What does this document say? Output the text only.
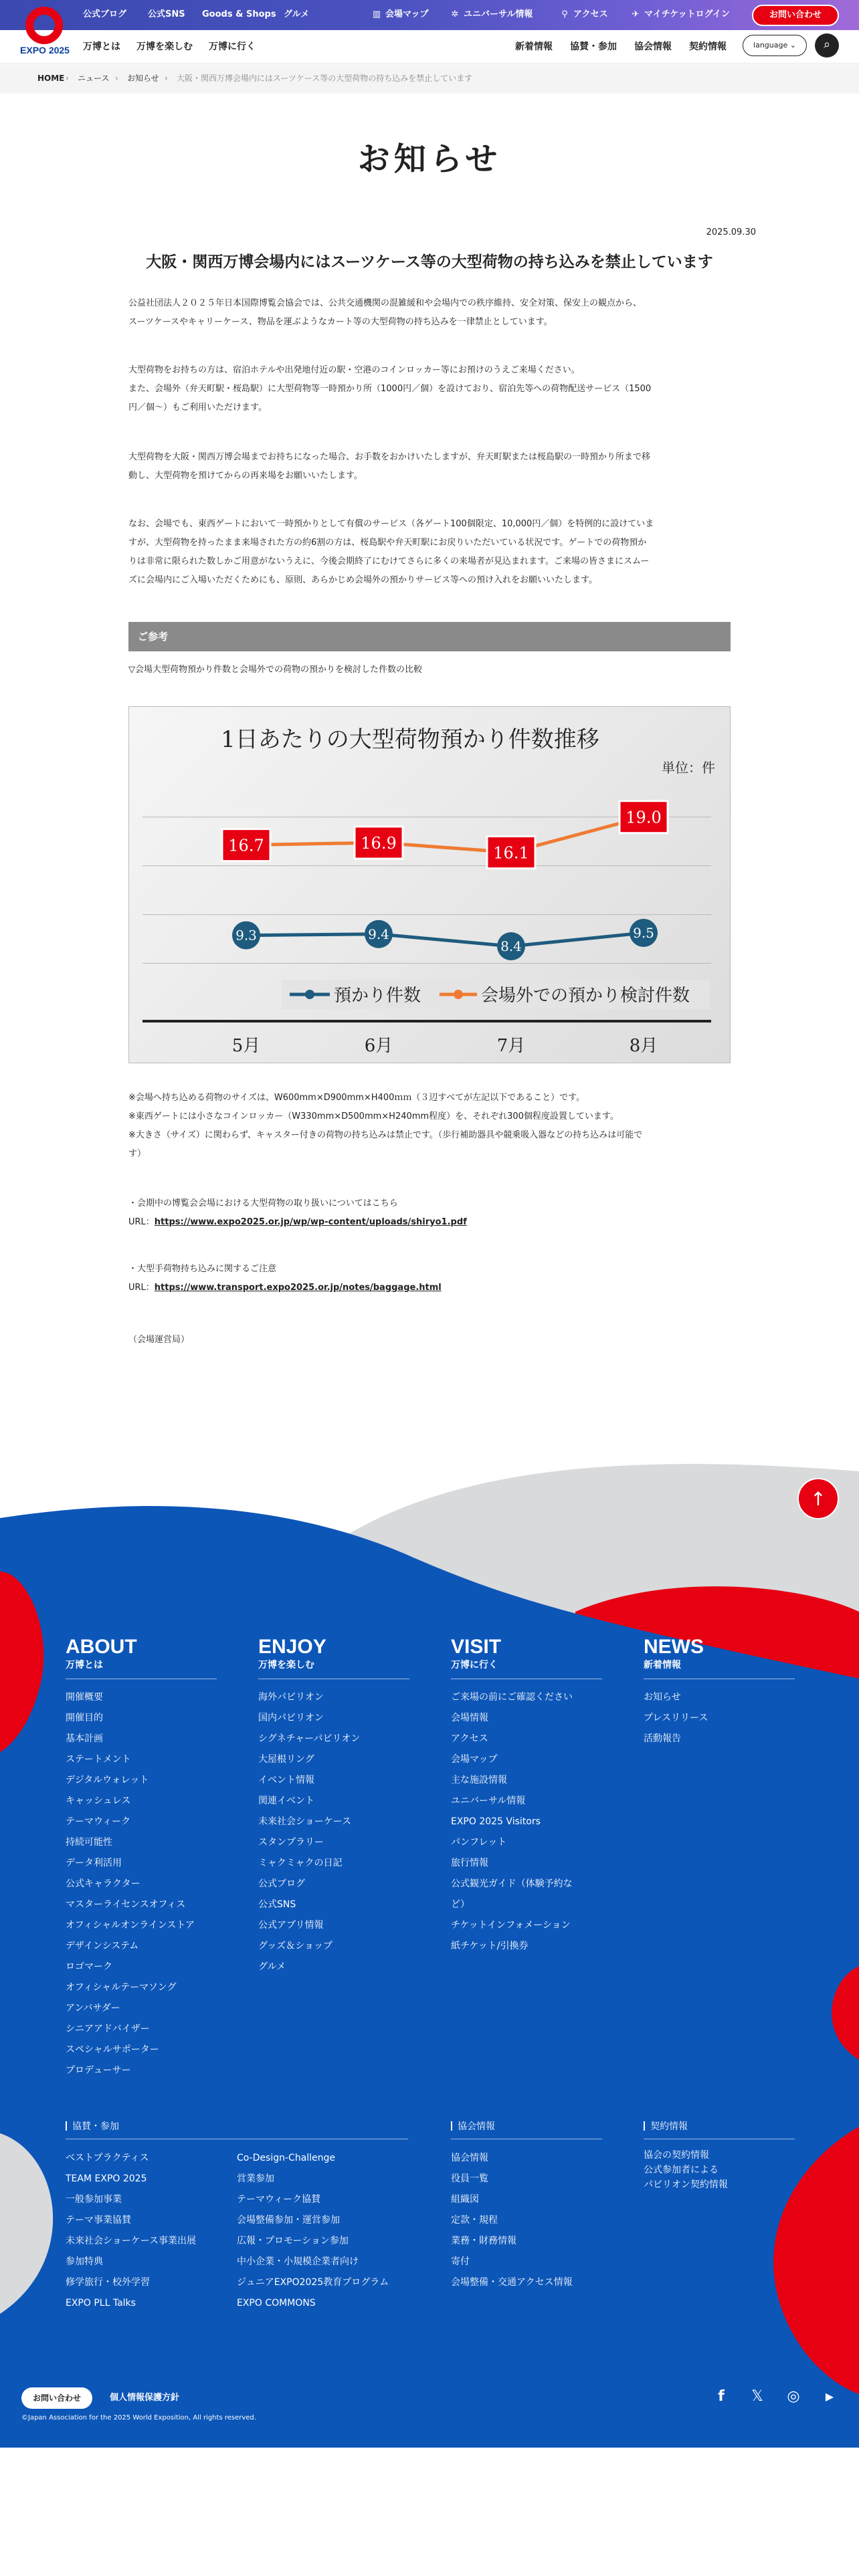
EXPO 2025
公式ブログ 公式SNS Goods & Shops グルメ	▥ 会場マップ	✲ ユニバーサル情報	⚲ アクセス	✈ マイチケットログイン	お問い合わせ
万博とは 万博を楽しむ 万博に行く	新着情報 協賛・参加 協会情報 契約情報	language ⌄	⌕
HOME › ニュース › お知らせ › 大阪・関西万博会場内にはスーツケース等の大型荷物の持ち込みを禁止しています
お知らせ
2025.09.30
大阪・関西万博会場内にはスーツケース等の大型荷物の持ち込みを禁止しています
公益社団法人２０２５年日本国際博覧会協会では、公共交通機関の混雑緩和や会場内での秩序維持、安全対策、保安上の観点から、
スーツケースやキャリーケース、物品を運ぶようなカート等の大型荷物の持ち込みを一律禁止としています。
大型荷物をお持ちの方は、宿泊ホテルや出発地付近の駅・空港のコインロッカー等にお預けのうえご来場ください。
また、会場外（弁天町駅・桜島駅）に大型荷物等一時預かり所（1000円／個）を設けており、宿泊先等への荷物配送サービス（1500
円／個～）もご利用いただけます。
大型荷物を大阪・関西万博会場までお持ちになった場合、お手数をおかけいたしますが、弁天町駅または桜島駅の一時預かり所まで移
動し、大型荷物を預けてからの再来場をお願いいたします。
なお、会場でも、東西ゲートにおいて一時預かりとして有償のサービス（各ゲート100個限定、10,000円／個）を特例的に設けていま
すが、大型荷物を持ったまま来場された方の約6割の方は、桜島駅や弁天町駅にお戻りいただいている状況です。ゲートでの荷物預か
りは非常に限られた数しかご用意がないうえに、今後会期終了にむけてさらに多くの来場者が見込まれます。ご来場の皆さまにスムー
ズに会場内にご入場いただくためにも、原則、あらかじめ会場外の預かりサービス等への預け入れをお願いいたします。
ご参考
▽会場大型荷物預かり件数と会場外での荷物の預かりを検討した件数の比較
1日あたりの大型荷物預かり件数推移
単位：件
9.3	9.4
8.4
9.5
16.7	16.9
16.1
19.0
預かり件数	会場外での預かり検討件数
5月	6月	7月	8月
※会場へ持ち込める荷物のサイズは、W600mm×D900mm×H400ｍｍ（３辺すべてが左記以下であること）です。
※東西ゲートには小さなコインロッカー（W330mm×D500mm×H240mm程度）を、それぞれ300個程度設置しています。
※大きさ（サイズ）に関わらず、キャスター付きの荷物の持ち込みは禁止です。（歩行補助器具や競乗吸入器などの持ち込みは可能で
す）
・会期中の博覧会会場における大型荷物の取り扱いについてはこちら
URL：https://www.expo2025.or.jp/wp/wp-content/uploads/shiryo1.pdf
・大型手荷物持ち込みに関するご注意
URL：https://www.transport.expo2025.or.jp/notes/baggage.html
（会場運営局）
↑
ABOUT
万博とは
開催概要
開催目的
基本計画
ステートメント
デジタルウォレット
キャッシュレス
テーマウィーク
持続可能性
データ利活用
公式キャラクター
マスターライセンスオフィス
オフィシャルオンラインストア
デザインシステム
ロゴマーク
オフィシャルテーマソング
アンバサダー
シニアアドバイザー
スペシャルサポーター
プロデューサー
ENJOY
万博を楽しむ
海外パビリオン
国内パビリオン
シグネチャーパビリオン
大屋根リング
イベント情報
関連イベント
未来社会ショーケース
スタンプラリー
ミャクミャクの日記
公式ブログ
公式SNS
公式アプリ情報
グッズ＆ショップ
グルメ
VISIT
万博に行く
ご来場の前にご確認ください
会場情報
アクセス
会場マップ
主な施設情報
ユニバーサル情報
EXPO 2025 Visitors
パンフレット
旅行情報
公式観光ガイド（体験予約な
ど）
チケットインフォメーション
紙チケット/引換券
NEWS
新着情報
お知らせ
プレスリリース
活動報告
協賛・参加
ベストプラクティス
TEAM EXPO 2025
一般参加事業
テーマ事業協賛
未来社会ショーケース事業出展
参加特典
修学旅行・校外学習
EXPO PLL Talks
Co-Design-Challenge
営業参加
テーマウィーク協賛
会場整備参加・運営参加
広報・プロモーション参加
中小企業・小規模企業者向け
ジュニアEXPO2025教育プログラム
EXPO COMMONS
協会情報
協会情報
役員一覧
組織図
定款・規程
業務・財務情報
寄付
会場整備・交通アクセス情報
契約情報
協会の契約情報
公式参加者による
パビリオン契約情報
お問い合わせ	個人情報保護方針
©Japan Association for the 2025 World Exposition, All rights reserved.
f	𝕏	◎	▶
